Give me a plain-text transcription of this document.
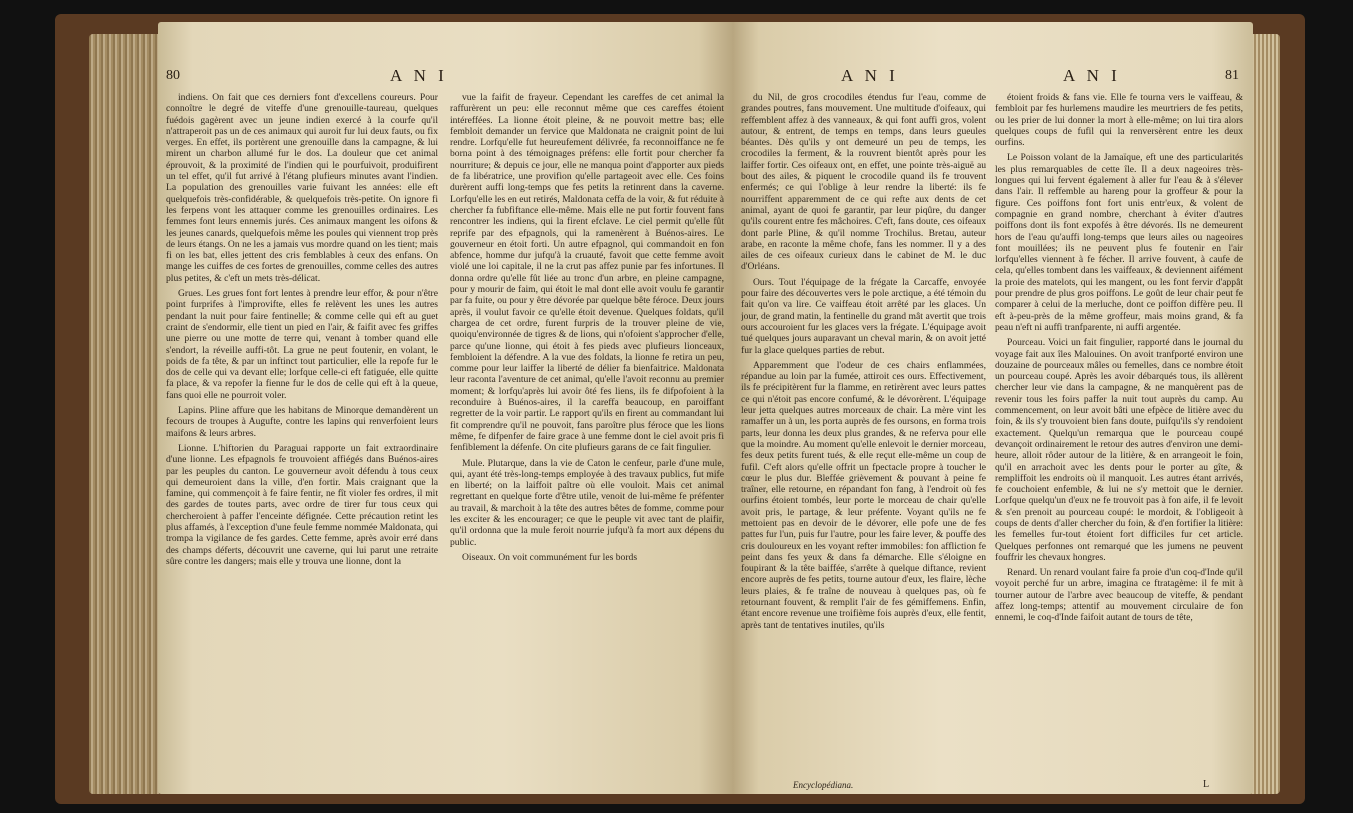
80	A N I

indiens. On fait que ces derniers font d'excellens coureurs. Pour connoître le degré de viteffe d'une grenouille-taureau, quelques fuédois gagèrent avec un jeune indien exercé à la courfe qu'il n'attraperoit pas un de ces animaux qui auroit fur lui deux fauts, ou fix verges. En effet, ils portèrent une grenouille dans la campagne, & lui mirent un charbon allumé fur le dos. La douleur que cet animal éprouvoit, & la proximité de l'indien qui le pourfuivoit, produifirent un tel effet, qu'il fut arrivé à l'étang plufieurs minutes avant l'indien. La population des grenouilles varie fuivant les années: elle eft quelquefois très-confidérable, & quelquefois très-petite. On ignore fi les ferpens vont les attaquer comme les grenouilles ordinaires. Les femmes font leurs ennemis jurés. Ces animaux mangent les oifons & les jeunes canards, quelquefois même les poules qui viennent trop près de leurs étangs. On ne les a jamais vus mordre quand on les tient; mais fi on les bat, elles jettent des cris femblables à ceux des enfans. On mange les cuiffes de ces fortes de grenouilles, comme celles des autres plus petites, & c'eft un mets très-délicat.

Grues. Les grues font fort lentes à prendre leur effor, & pour n'être point furprifes à l'improvifte, elles fe relèvent les unes les autres pendant la nuit pour faire fentinelle; & comme celle qui eft au guet craint de s'endormir, elle tient un pied en l'air, & faifit avec fes griffes une pierre ou une motte de terre qui, venant à tomber quand elle s'endort, la réveille auffi-tôt. La grue ne peut foutenir, en volant, le poids de fa tête, & par un inftinct tout particulier, elle la repofe fur le dos de celle qui va devant elle; lorfque celle-ci eft fatiguée, elle quitte fa place, & va repofer la fienne fur le dos de celle qui eft à la queue, fans quoi elle ne pourroit voler.

Lapins. Pline affure que les habitans de Minorque demandèrent un fecours de troupes à Augufte, contre les lapins qui renverfoient leurs maifons & leurs arbres.

Lionne. L'hiftorien du Paraguai rapporte un fait extraordinaire d'une lionne. Les efpagnols fe trouvoient affiégés dans Buénos-aires par les peuples du canton. Le gouverneur avoit défendu à tous ceux qui demeuroient dans la ville, d'en fortir. Mais craignant que la famine, qui commençoit à fe faire fentir, ne fît violer fes ordres, il mit des gardes de toutes parts, avec ordre de tirer fur tous ceux qui chercheroient à paffer l'enceinte défignée. Cette précaution retint les plus affamés, à l'exception d'une feule femme nommée Maldonata, qui trompa la vigilance de fes gardes. Cette femme, après avoir erré dans des champs déferts, découvrit une caverne, qui lui parut une retraite sûre contre les dangers; mais elle y trouva une lionne, dont la

vue la faifit de frayeur. Cependant les careffes de cet animal la raffurèrent un peu: elle reconnut même que ces careffes étoient intéreffées. La lionne étoit pleine, & ne pouvoit mettre bas; elle fembloit demander un fervice que Maldonata ne craignit point de lui rendre. Lorfqu'elle fut heureufement délivrée, fa reconnoiffance ne fe borna point à des témoignages préfens: elle fortit pour chercher fa nourriture; & depuis ce jour, elle ne manqua point d'apporter aux pieds de fa libératrice, une provifion qu'elle partageoit avec elle. Ces foins durèrent auffi long-temps que fes petits la retinrent dans la caverne. Lorfqu'elle les en eut retirés, Maldonata ceffa de la voir, & fut réduite à chercher fa fubfiftance elle-même. Mais elle ne put fortir fouvent fans rencontrer les indiens, qui la firent efclave. Le ciel permit qu'elle fût reprife par des efpagnols, qui la ramenèrent à Buénos-aires. Le gouverneur en étoit forti. Un autre efpagnol, qui commandoit en fon abfence, homme dur jufqu'à la cruauté, favoit que cette femme avoit violé une loi capitale, il ne la crut pas affez punie par fes infortunes. Il donna ordre qu'elle fût liée au tronc d'un arbre, en pleine campagne, pour y mourir de faim, qui étoit le mal dont elle avoit voulu fe garantir par fa fuite, ou pour y être dévorée par quelque bête féroce. Deux jours après, il voulut favoir ce qu'elle étoit devenue. Quelques foldats, qu'il chargea de cet ordre, furent furpris de la trouver pleine de vie, quoiqu'environnée de tigres & de lions, qui n'ofoient s'approcher d'elle, parce qu'une lionne, qui étoit à fes pieds avec plufieurs lionceaux, fembloient la défendre. A la vue des foldats, la lionne fe retira un peu, comme pour leur laiffer la liberté de délier fa bienfaitrice. Maldonata leur raconta l'aventure de cet animal, qu'elle l'avoit reconnu au premier moment; & lorfqu'après lui avoir ôté fes liens, ils fe difpofoient à la reconduire à Buénos-aires, il la careffa beaucoup, en paroiffant regretter de la voir partir. Le rapport qu'ils en firent au commandant lui fit comprendre qu'il ne pouvoit, fans paroître plus féroce que les lions même, fe difpenfer de faire grace à une femme dont le ciel avoit pris fi fenfiblement la défenfe. On cite plufieurs garans de ce fait fingulier.

Mule. Plutarque, dans la vie de Caton le cenfeur, parle d'une mule, qui, ayant été très-long-temps employée à des travaux publics, fut mife en liberté; on la laiffoit paître où elle vouloit. Mais cet animal regrettant en quelque forte d'être utile, venoit de lui-même fe préfenter au travail, & marchoit à la tête des autres bêtes de fomme, comme pour les exciter & les encourager; ce que le peuple vit avec tant de plaifir, qu'il ordonna que la mule feroit nourrie jufqu'à fa mort aux dépens du public.

Oiseaux. On voit communément fur les bords

A N I	A N I	81

du Nil, de gros crocodiles étendus fur l'eau, comme de grandes poutres, fans mouvement. Une multitude d'oifeaux, qui reffemblent affez à des vanneaux, & qui font auffi gros, volent autour, & entrent, de temps en temps, dans leurs gueules béantes. Dès qu'ils y ont demeuré un peu de temps, les crocodiles la ferment, & la rouvrent bientôt après pour les laiffer fortir. Ces oifeaux ont, en effet, une pointe très-aiguë au bout des ailes, & piquent le crocodile quand ils fe trouvent enfermés; ce qui l'oblige à leur rendre la liberté: ils fe nourriffent apparemment de ce qui refte aux dents de cet animal, ayant de quoi fe garantir, par leur piqûre, du danger qu'ils courent entre fes mâchoires. C'eft, fans doute, ces oifeaux dont parle Pline, & qu'il nomme Trochilus. Bretau, auteur arabe, en raconte la même chofe, fans les nommer. Il y a des ailes de ces oifeaux curieux dans le cabinet de M. le duc d'Orléans.

Ours. Tout l'équipage de la frégate la Carcaffe, envoyée pour faire des découvertes vers le pole arctique, a été témoin du fait qu'on va lire. Ce vaiffeau étoit arrêté par les glaces. Un jour, de grand matin, la fentinelle du grand mât avertit que trois ours accouroient fur les glaces vers la frégate. L'équipage avoit tué quelques jours auparavant un cheval marin, & on avoit jetté fur la glace quelques parties de rebut.

Apparemment que l'odeur de ces chairs enflammées, répandue au loin par la fumée, attiroit ces ours. Effectivement, ils fe précipitèrent fur la flamme, en retirèrent avec leurs pattes ce qui n'étoit pas encore confumé, & le dévorèrent. L'équipage leur jetta quelques autres morceaux de chair. La mère vint les ramaffer un à un, les porta auprès de fes oursons, en forma trois parts, leur donna les deux plus grandes, & ne referva pour elle que la moindre. Au moment qu'elle enlevoit le dernier morceau, fes deux petits furent tués, & elle reçut elle-même un coup de fufil. C'eft alors qu'elle offrit un fpectacle propre à toucher le cœur le plus dur. Bleffée grièvement & pouvant à peine fe traîner, elle retourne, en répandant fon fang, à l'endroit où fes ourfins étoient tombés, leur porte le morceau de chair qu'elle avoit pris, le partage, & leur préfente. Voyant qu'ils ne fe mettoient pas en devoir de le dévorer, elle pofe une de fes pattes fur l'un, puis fur l'autre, pour les faire lever, & pouffe des cris douloureux en les voyant refter immobiles: fon affliction fe peint dans fes yeux & dans fa démarche. Elle s'éloigne en foupirant & la tête baiffée, s'arrête à quelque diftance, revient encore auprès de fes petits, tourne autour d'eux, les flaire, lèche leurs plaies, & fe traîne de nouveau à quelques pas, où fe retournant fouvent, & remplit l'air de fes gémiffemens. Enfin, étant encore revenue une troifième fois auprès d'eux, elle fentit, après tant de tentatives inutiles, qu'ils

étoient froids & fans vie. Elle fe tourna vers le vaiffeau, & fembloit par fes hurlemens maudire les meurtriers de fes petits, ou les prier de lui donner la mort à elle-même; on lui tira alors quelques coups de fufil qui la renversèrent entre les deux ourfins.

Le Poisson volant de la Jamaïque, eft une des particularités les plus remarquables de cette île. Il a deux nageoires très-longues qui lui fervent également à aller fur l'eau & à s'élever dans l'air. Il reffemble au hareng pour la groffeur & pour la figure. Ces poiffons font fort unis entr'eux, & volent de compagnie en grand nombre, cherchant à éviter d'autres poiffons dont ils font expofés à être dévorés. Ils ne demeurent hors de l'eau qu'auffi long-temps que leurs ailes ou nageoires font mouillées; ils ne peuvent plus fe foutenir en l'air lorfqu'elles viennent à fe fécher. Il arrive fouvent, à caufe de cela, qu'elles tombent dans les vaiffeaux, & deviennent aifément la proie des matelots, qui les mangent, ou les font fervir d'appât pour prendre de plus gros poiffons. Le goût de leur chair peut fe comparer à celui de la merluche, dont ce poiffon diffère peu. Il eft à-peu-près de la même groffeur, mais moins grand, & fa peau n'eft ni auffi tranfparente, ni auffi argentée.

Pourceau. Voici un fait fingulier, rapporté dans le journal du voyage fait aux îles Malouines. On avoit tranfporté environ une douzaine de pourceaux mâles ou femelles, dans ce nombre étoit un pourceau coupé. Après les avoir débarqués tous, ils allèrent chercher leur vie dans la campagne, & ne manquèrent pas de revenir tous les foirs paffer la nuit tout auprès du camp. Au commencement, on leur avoit bâti une efpèce de litière avec du foin, & ils s'y trouvoient bien fans doute, puifqu'ils s'y rendoient exactement. Quelqu'un remarqua que le pourceau coupé devançoit ordinairement le retour des autres d'environ une demi-heure, alloit rôder autour de la litière, & en arrangeoit le foin, qu'il en arrachoit avec les dents pour le porter au gîte, & rempliffoit les endroits où il manquoit. Les autres étant arrivés, fe couchoient enfemble, & lui ne s'y mettoit que le dernier. Lorfque quelqu'un d'eux ne fe trouvoit pas à fon aife, il fe levoit & s'en prenoit au pourceau coupé: le mordoit, & l'obligeoit à coups de dents d'aller chercher du foin, & d'en fortifier la litière: les femelles fur-tout étoient fort difficiles fur cet article. Quelques perfonnes ont remarqué que les jumens ne peuvent fouffrir les chevaux hongres.

Renard. Un renard voulant faire fa proie d'un coq-d'Inde qu'il voyoit perché fur un arbre, imagina ce ftratagème: il fe mit à tourner autour de l'arbre avec beaucoup de viteffe, & pendant affez long-temps; attentif au mouvement circulaire de fon ennemi, le coq-d'Inde faifoit autant de tours de tête,

Encyclopédiana.	L
